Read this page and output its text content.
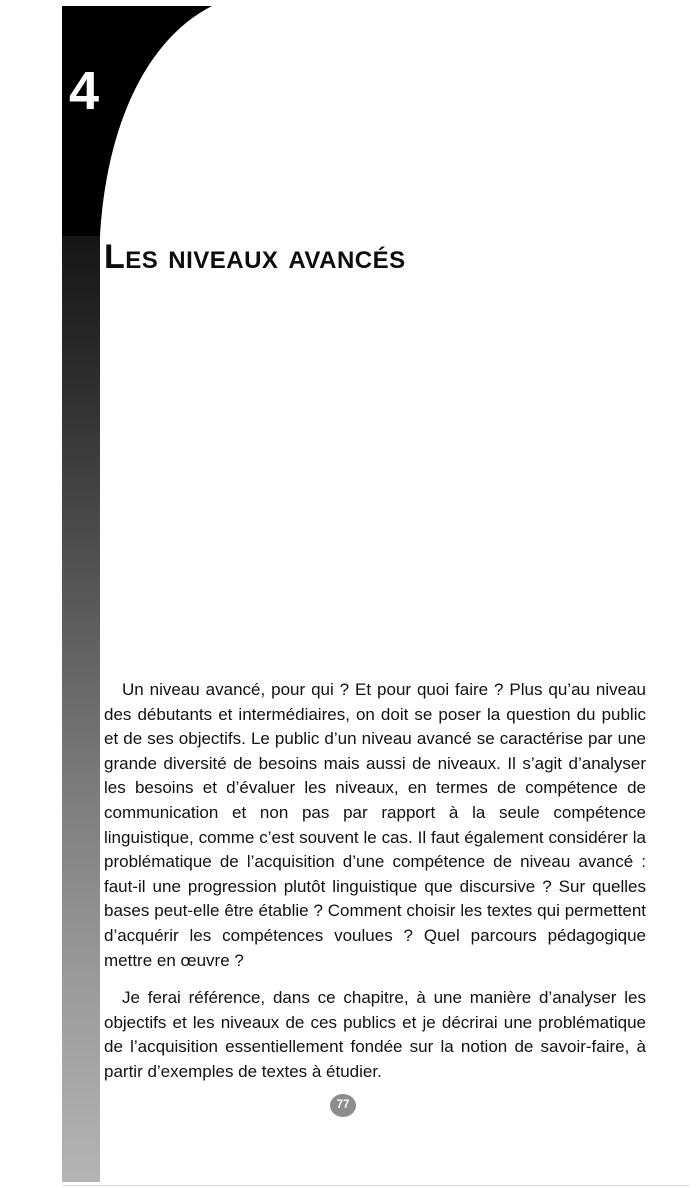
4
Les niveaux avancés

Un niveau avancé, pour qui ? Et pour quoi faire ? Plus qu’au niveau des débutants et intermédiaires, on doit se poser la question du public et de ses objectifs. Le public d’un niveau avancé se caractérise par une grande diversité de besoins mais aussi de niveaux. Il s’agit d’analyser les besoins et d’évaluer les niveaux, en termes de compétence de communication et non pas par rapport à la seule compétence linguistique, comme c’est souvent le cas. Il faut également considérer la problématique de l’acquisition d’une compétence de niveau avancé : faut-il une progression plutôt linguistique que discursive ? Sur quelles bases peut-elle être établie ? Comment choisir les textes qui permettent d’acquérir les compétences voulues ? Quel parcours pédagogique mettre en œuvre ?

Je ferai référence, dans ce chapitre, à une manière d’analyser les objectifs et les niveaux de ces publics et je décrirai une problématique de l’acquisition essentiellement fondée sur la notion de savoir-faire, à partir d’exemples de textes à étudier.

77
